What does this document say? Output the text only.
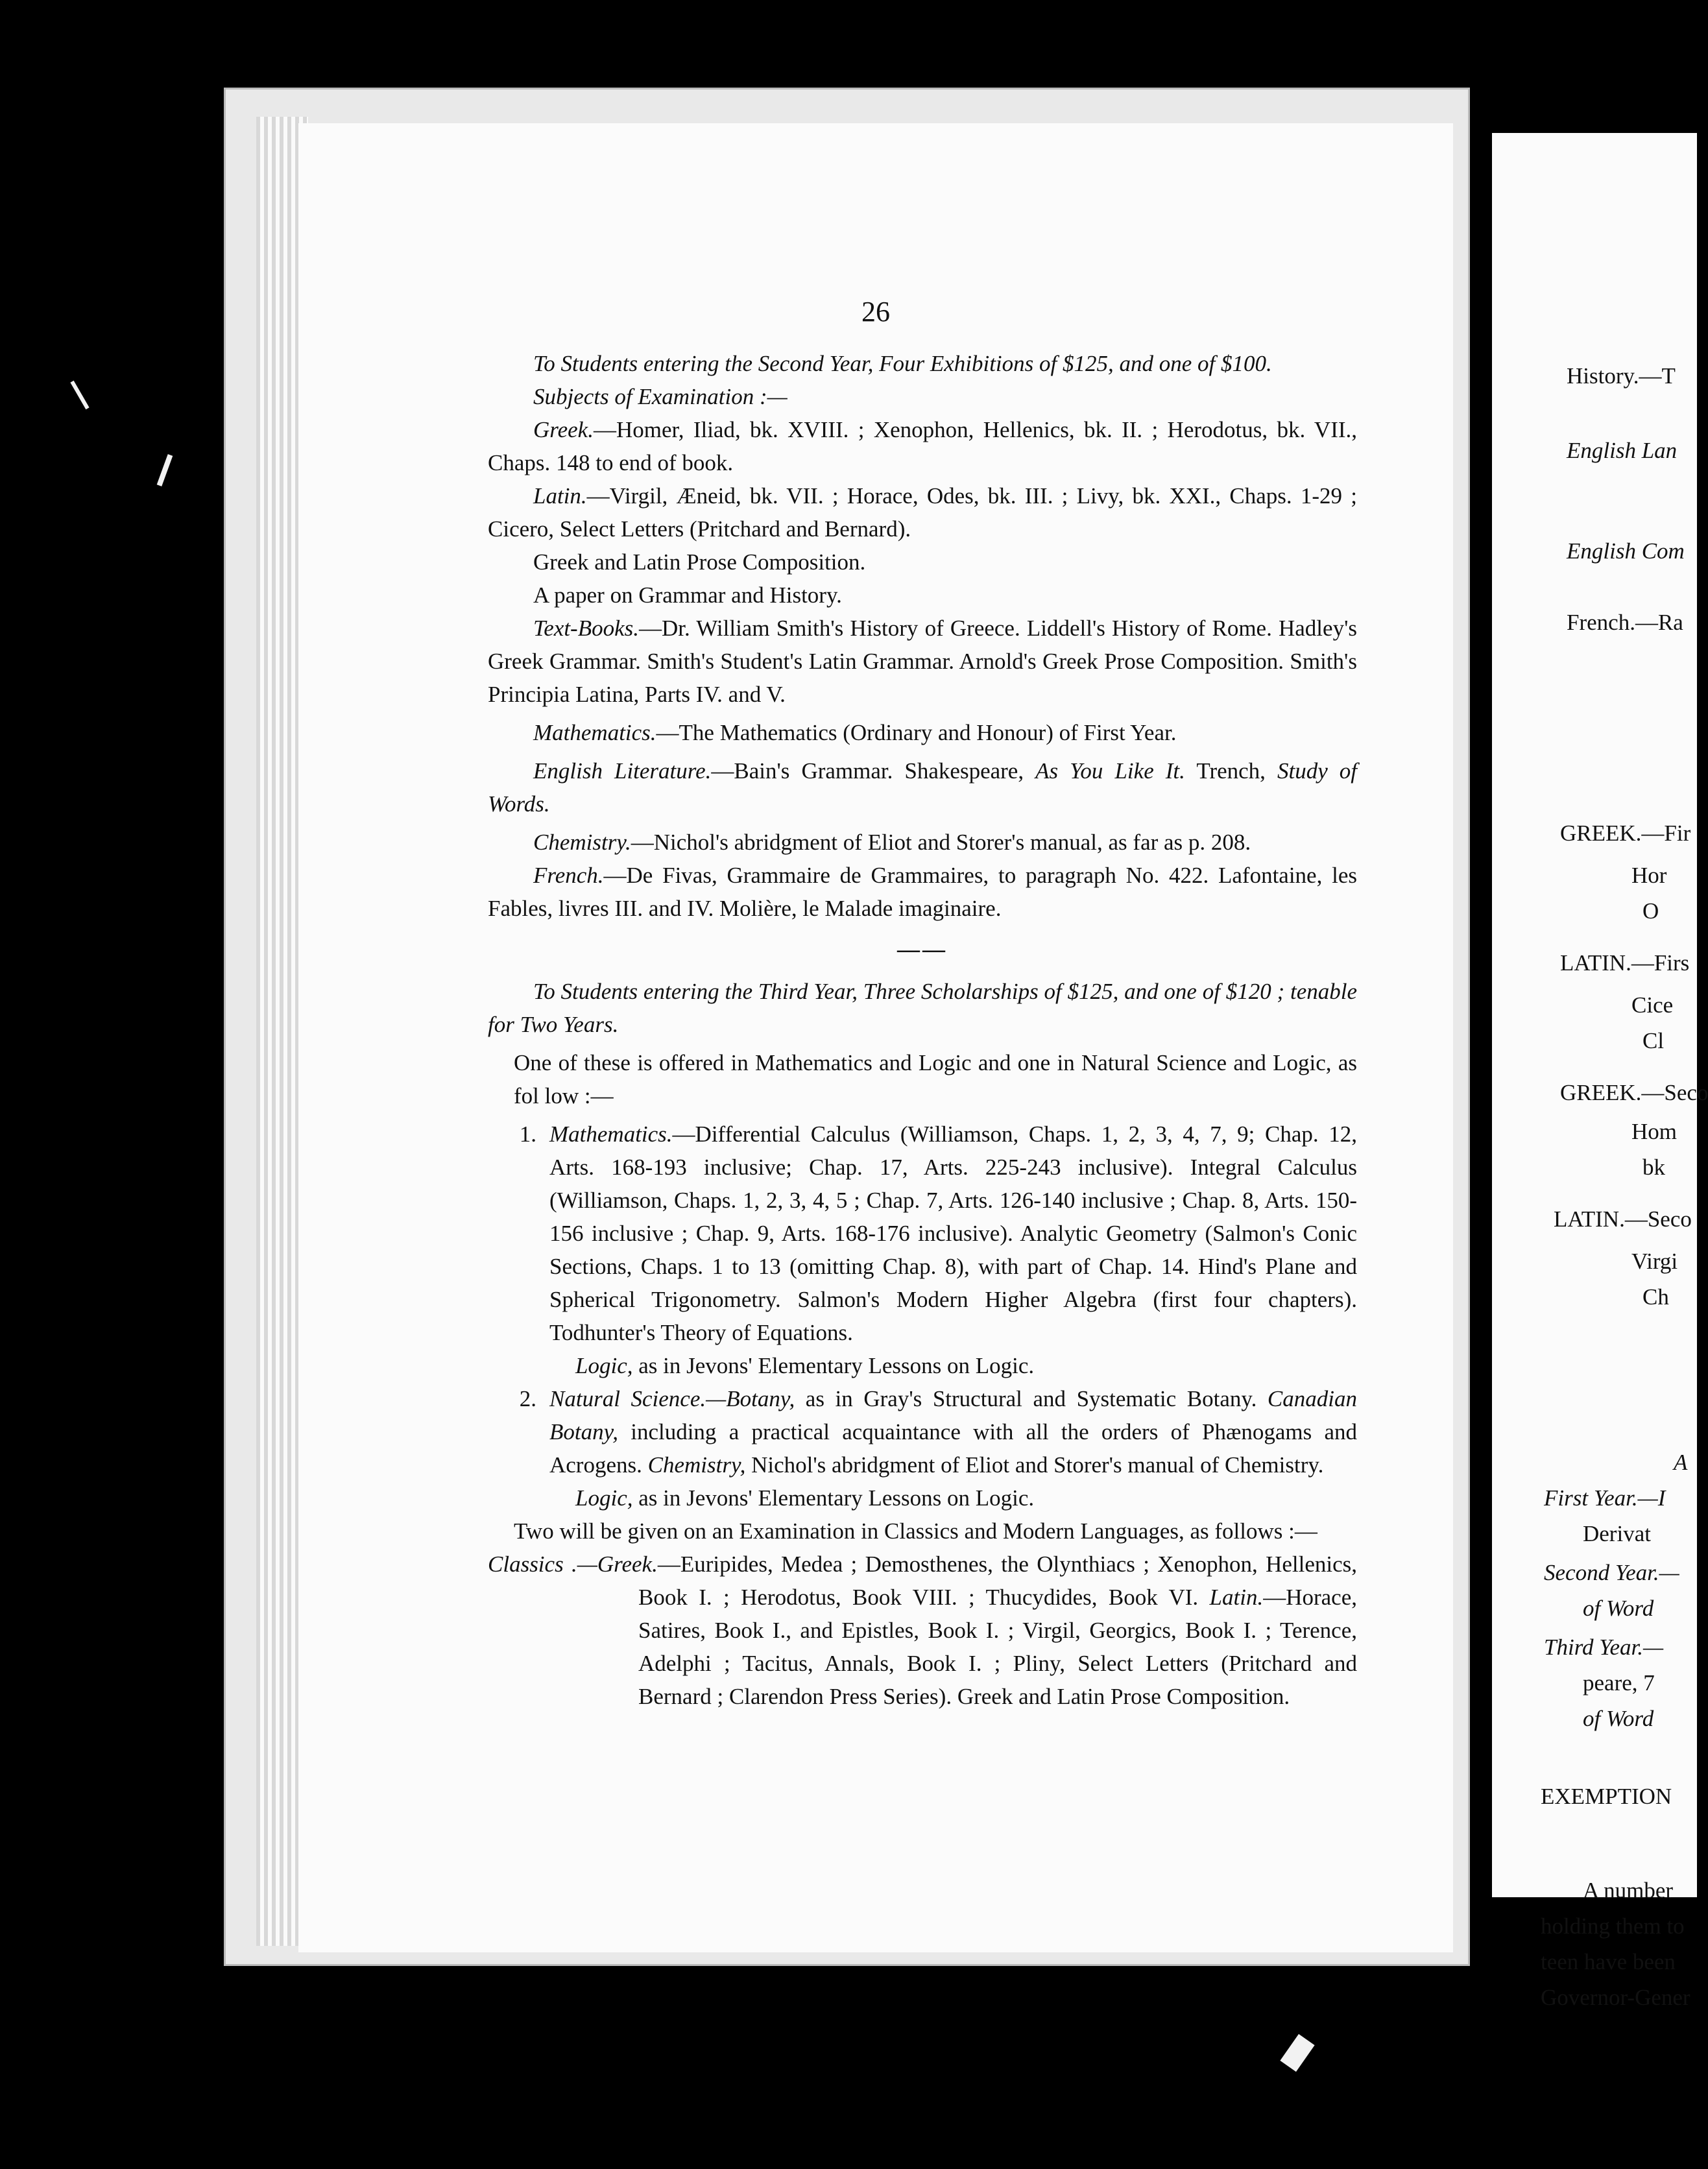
26

To Students entering the Second Year, Four Exhibitions of $125, and one of $100.

Subjects of Examination :—

Greek.—Homer, Iliad, bk. XVIII. ; Xenophon, Hellenics, bk. II. ; Herodotus, bk. VII., Chaps. 148 to end of book.

Latin.—Virgil, Æneid, bk. VII. ; Horace, Odes, bk. III. ; Livy, bk. XXI., Chaps. 1-29 ; Cicero, Select Letters (Pritchard and Bernard).

Greek and Latin Prose Composition.

A paper on Grammar and History.

Text-Books.—Dr. William Smith's History of Greece. Liddell's History of Rome. Hadley's Greek Grammar. Smith's Student's Latin Grammar. Arnold's Greek Prose Composition. Smith's Principia Latina, Parts IV. and V.

Mathematics.—The Mathematics (Ordinary and Honour) of First Year.

English Literature.—Bain's Grammar. Shakespeare, As You Like It. Trench, Study of Words.

Chemistry.—Nichol's abridgment of Eliot and Storer's manual, as far as p. 208.

French.—De Fivas, Grammaire de Grammaires, to paragraph No. 422. Lafontaine, les Fables, livres III. and IV. Molière, le Malade imaginaire.

——

To Students entering the Third Year, Three Scholarships of $125, and one of $120 ; tenable for Two Years.

One of these is offered in Mathematics and Logic and one in Natural Science and Logic, as fol low :—

1. Mathematics.—Differential Calculus (Williamson, Chaps. 1, 2, 3, 4, 7, 9; Chap. 12, Arts. 168-193 inclusive; Chap. 17, Arts. 225-243 inclusive). Integral Calculus (Williamson, Chaps. 1, 2, 3, 4, 5 ; Chap. 7, Arts. 126-140 inclusive ; Chap. 8, Arts. 150-156 inclusive ; Chap. 9, Arts. 168-176 inclusive). Analytic Geometry (Salmon's Conic Sections, Chaps. 1 to 13 (omitting Chap. 8), with part of Chap. 14. Hind's Plane and Spherical Trigonometry. Salmon's Modern Higher Algebra (first four chapters). Todhunter's Theory of Equations.

Logic, as in Jevons' Elementary Lessons on Logic.

2. Natural Science.—Botany, as in Gray's Structural and Systematic Botany. Canadian Botany, including a practical acquaintance with all the orders of Phænogams and Acrogens. Chemistry, Nichol's abridgment of Eliot and Storer's manual of Chemistry.

Logic, as in Jevons' Elementary Lessons on Logic.

Two will be given on an Examination in Classics and Modern Languages, as follows :—

Classics .—Greek.—Euripides, Medea ; Demosthenes, the Olynthiacs ; Xenophon, Hellenics, Book I. ; Herodotus, Book VIII. ; Thucydides, Book VI. Latin.—Horace, Satires, Book I., and Epistles, Book I. ; Virgil, Georgics, Book I. ; Terence, Adelphi ; Tacitus, Annals, Book I. ; Pliny, Select Letters (Pritchard and Bernard ; Clarendon Press Series). Greek and Latin Prose Composition.

History.—T
English Lan
English Com
French.—Ra
GREEK.—Fir
Hor
O
LATIN.—Firs
Cice
Cl
GREEK.—Seco
Hom
bk
LATIN.—Seco
Virgi
Ch
A
First Year.—I
Derivat
Second Year.—
of Word
Third Year.—
peare, 7
of Word
EXEMPTION
A number
holding them to
teen have been
Governor-Gener
